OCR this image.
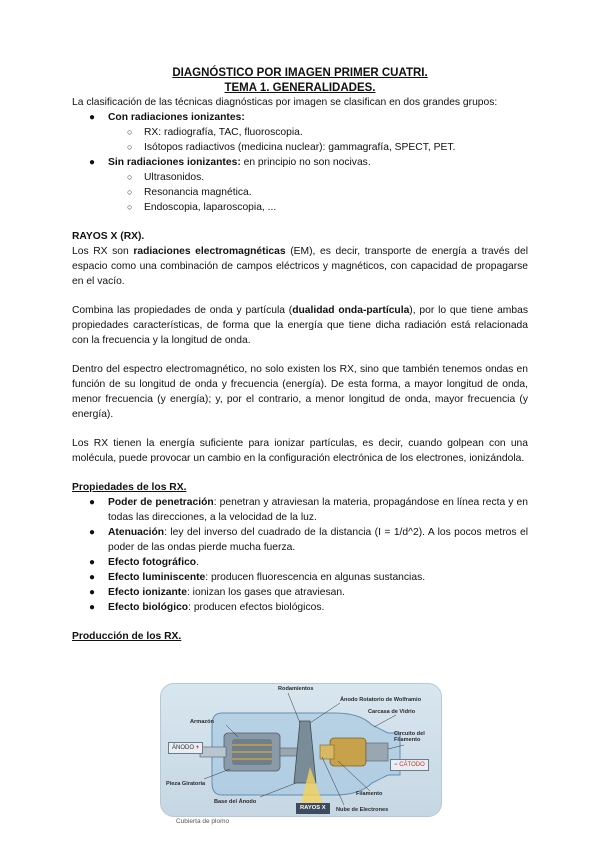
DIAGNÓSTICO POR IMAGEN PRIMER CUATRI.
TEMA 1. GENERALIDADES.

La clasificación de las técnicas diagnósticas por imagen se clasifican en dos grandes grupos:

● Con radiaciones ionizantes:
○ RX: radiografía, TAC, fluoroscopia.
○ Isótopos radiactivos (medicina nuclear): gammagrafía, SPECT, PET.
● Sin radiaciones ionizantes: en principio no son nocivas.
○ Ultrasonidos.
○ Resonancia magnética.
○ Endoscopia, laparoscopia, ...
RAYOS X (RX).

Los RX son radiaciones electromagnéticas (EM), es decir, transporte de energía a través del espacio como una combinación de campos eléctricos y magnéticos, con capacidad de propagarse en el vacío.

Combina las propiedades de onda y partícula (dualidad onda-partícula), por lo que tiene ambas propiedades características, de forma que la energía que tiene dicha radiación está relacionada con la frecuencia y la longitud de onda.

Dentro del espectro electromagnético, no solo existen los RX, sino que también tenemos ondas en función de su longitud de onda y frecuencia (energía). De esta forma, a mayor longitud de onda, menor frecuencia (y energía); y, por el contrario, a menor longitud de onda, mayor frecuencia (y energía).

Los RX tienen la energía suficiente para ionizar partículas, es decir, cuando golpean con una molécula, puede provocar un cambio en la configuración electrónica de los electrones, ionizándola.

Propiedades de los RX.
● Poder de penetración: penetran y atraviesan la materia, propagándose en línea recta y en todas las direcciones, a la velocidad de la luz.
● Atenuación: ley del inverso del cuadrado de la distancia (I = 1/d^2). A los pocos metros el poder de las ondas pierde mucha fuerza.
● Efecto fotográfico.
● Efecto luminiscente: producen fluorescencia en algunas sustancias.
● Efecto ionizante: ionizan los gases que atraviesan.
● Efecto biológico: producen efectos biológicos.
Producción de los RX.
Rodamientos
Ánodo Rotatorio de Wolframio
Carcasa de Vidrio
Armazón
ÁNODO +
Circuito del Filamento
− CÁTODO
Pieza Giratoria
Filamento
Base del Ánodo
RAYOS X	Nube de Electrones
Cubierta de plomo
